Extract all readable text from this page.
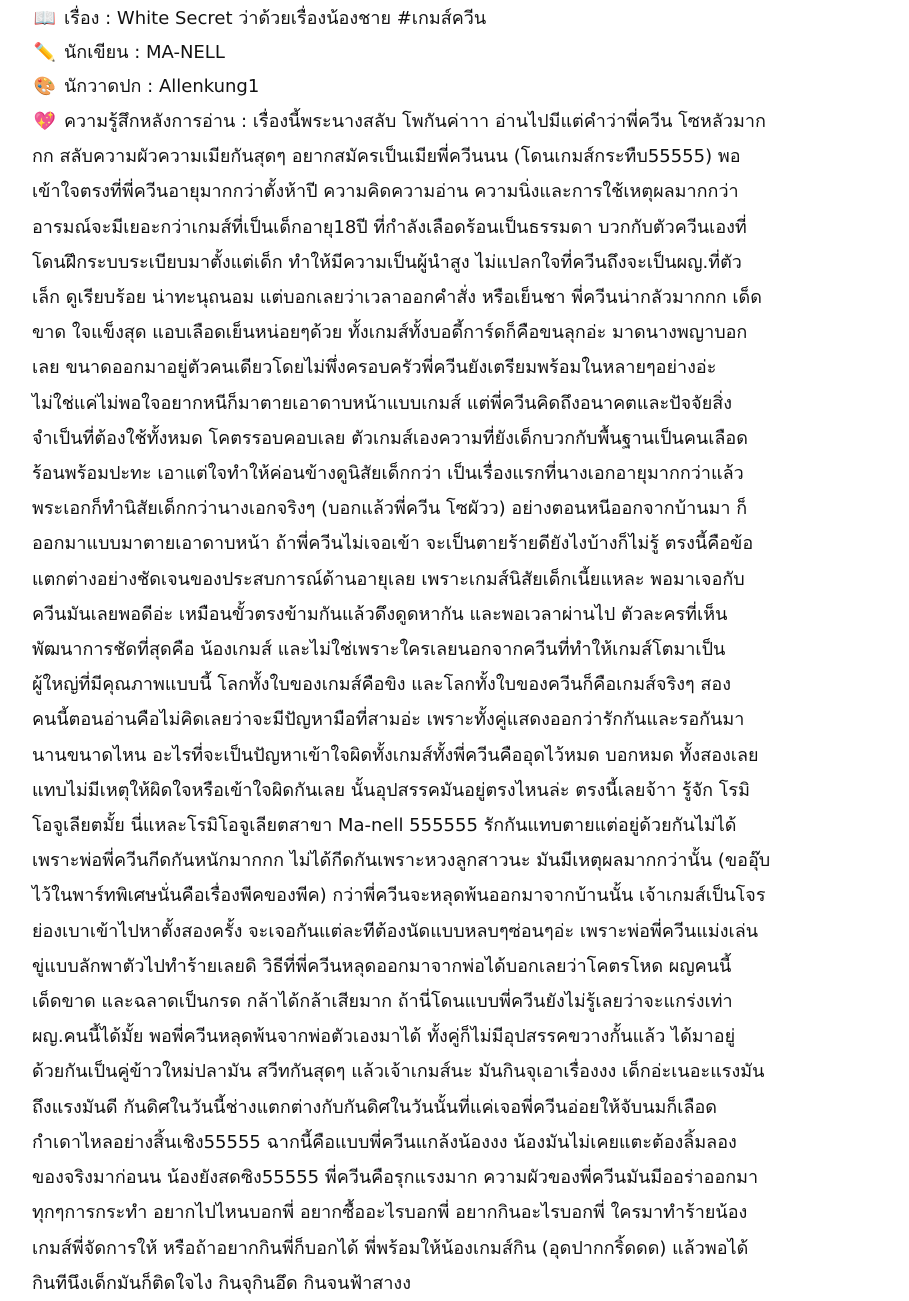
📖 เรื่อง : White Secret ว่าด้วยเรื่องน้องชาย #เกมส์ควีน
✏️ นักเขียน : MA-NELL
🎨 นักวาดปก : Allenkung1
💖 ความรู้สึกหลังการอ่าน : เรื่องนี้พระนางสลับ โพกันค่าาา อ่านไปมีแต่คำว่าพี่ควีน โซหลัวมาก
กก สลับความผัวความเมียกันสุดๆ อยากสมัครเป็นเมียพี่ควีนนน (โดนเกมส์กระทืบ55555) พอ
เข้าใจตรงที่พี่ควีนอายุมากกว่าตั้งห้าปี ความคิดความอ่าน ความนิ่งและการใช้เหตุผลมากกว่า
อารมณ์จะมีเยอะกว่าเกมส์ที่เป็นเด็กอายุ18ปี ที่กำลังเลือดร้อนเป็นธรรมดา บวกกับตัวควีนเองที่
โดนฝึกระบบระเบียบมาตั้งแต่เด็ก ทำให้มีความเป็นผู้นำสูง ไม่แปลกใจที่ควีนถึงจะเป็นผญ.ที่ตัว
เล็ก ดูเรียบร้อย น่าทะนุถนอม แต่บอกเลยว่าเวลาออกคำสั่ง หรือเย็นชา พี่ควีนน่ากลัวมากกก เด็ด
ขาด ใจแข็งสุด แอบเลือดเย็นหน่อยๆด้วย ทั้งเกมส์ทั้งบอดี้การ์ดก็คือขนลุกอ่ะ มาดนางพญาบอก
เลย ขนาดออกมาอยู่ตัวคนเดียวโดยไม่พึ่งครอบครัวพี่ควีนยังเตรียมพร้อมในหลายๆอย่างอ่ะ
ไม่ใช่แค่ไม่พอใจอยากหนีก็มาตายเอาดาบหน้าแบบเกมส์ แต่พี่ควีนคิดถึงอนาคตและปัจจัยสิ่ง
จำเป็นที่ต้องใช้ทั้งหมด โคตรรอบคอบเลย ตัวเกมส์เองความที่ยังเด็กบวกกับพื้นฐานเป็นคนเลือด
ร้อนพร้อมปะทะ เอาแต่ใจทำให้ค่อนข้างดูนิสัยเด็กกว่า เป็นเรื่องแรกที่นางเอกอายุมากกว่าแล้ว
พระเอกก็ทำนิสัยเด็กกว่านางเอกจริงๆ (บอกแล้วพี่ควีน โซผัวว) อย่างตอนหนีออกจากบ้านมา ก็
ออกมาแบบมาตายเอาดาบหน้า ถ้าพี่ควีนไม่เจอเข้า จะเป็นตายร้ายดียังไงบ้างก็ไม่รู้ ตรงนี้คือข้อ
แตกต่างอย่างชัดเจนของประสบการณ์ด้านอายุเลย เพราะเกมส์นิสัยเด็กเนี้ยแหละ พอมาเจอกับ
ควีนมันเลยพอดีอ่ะ เหมือนขั้วตรงข้ามกันแล้วดึงดูดหากัน และพอเวลาผ่านไป ตัวละครที่เห็น
พัฒนาการชัดที่สุดคือ น้องเกมส์ และไม่ใช่เพราะใครเลยนอกจากควีนที่ทำให้เกมส์โตมาเป็น
ผู้ใหญ่ที่มีคุณภาพแบบนี้ โลกทั้งใบของเกมส์คือขิง และโลกทั้งใบของควีนก็คือเกมส์จริงๆ สอง
คนนี้ตอนอ่านคือไม่คิดเลยว่าจะมีปัญหามือที่สามอ่ะ เพราะทั้งคู่แสดงออกว่ารักกันและรอกันมา
นานขนาดไหน อะไรที่จะเป็นปัญหาเข้าใจผิดทั้งเกมส์ทั้งพี่ควีนคืออุดไว้หมด บอกหมด ทั้งสองเลย
แทบไม่มีเหตุให้ผิดใจหรือเข้าใจผิดกันเลย นั้นอุปสรรคมันอยู่ตรงไหนล่ะ ตรงนี้เลยจ้าา รู้จัก โรมิ
โอจูเลียตมั้ย นี่แหละโรมิโอจูเลียตสาขา Ma-nell 555555 รักกันแทบตายแต่อยู่ด้วยกันไม่ได้
เพราะพ่อพี่ควีนกีดกันหนักมากกก ไม่ได้กีดกันเพราะหวงลูกสาวนะ มันมีเหตุผลมากกว่านั้น (ขออุ๊บ
ไว้ในพาร์ทพิเศษนั่นคือเรื่องพีคของพีค) กว่าพี่ควีนจะหลุดพ้นออกมาจากบ้านนั้น เจ้าเกมส์เป็นโจร
ย่องเบาเข้าไปหาตั้งสองครั้ง จะเจอกันแต่ละทีต้องนัดแบบหลบๆซ่อนๆอ่ะ เพราะพ่อพี่ควีนแม่งเล่น
ขู่แบบลักพาตัวไปทำร้ายเลยดิ วิธีที่พี่ควีนหลุดออกมาจากพ่อได้บอกเลยว่าโคตรโหด ผญคนนี้
เด็ดขาด และฉลาดเป็นกรด กล้าได้กล้าเสียมาก ถ้านี่โดนแบบพี่ควีนยังไม่รู้เลยว่าจะแกร่งเท่า
ผญ.คนนี้ได้มั้ย พอพี่ควีนหลุดพ้นจากพ่อตัวเองมาได้ ทั้งคู่ก็ไม่มีอุปสรรคขวางกั้นแล้ว ได้มาอยู่
ด้วยกันเป็นคู่ข้าวใหม่ปลามัน สวีทกันสุดๆ แล้วเจ้าเกมส์นะ มันกินจุเอาเรื่องงง เด็กอ่ะเนอะแรงมัน
ถึงแรงมันดี กันดิศในวันนี้ช่างแตกต่างกับกันดิศในวันนั้นที่แค่เจอพี่ควีนอ่อยให้จับนมก็เลือด
กำเดาไหลอย่างสิ้นเชิง55555 ฉากนี้คือแบบพี่ควีนแกล้งน้องงง น้องมันไม่เคยแตะต้องลิ้มลอง
ของจริงมาก่อนน น้องยังสดซิง55555 พี่ควีนคือรุกแรงมาก ความผัวของพี่ควีนมันมีออร่าออกมา
ทุกๆการกระทำ อยากไปไหนบอกพี่ อยากซื้ออะไรบอกพี่ อยากกินอะไรบอกพี่ ใครมาทำร้ายน้อง
เกมส์พี่จัดการให้ หรือถ้าอยากกินพี่ก็บอกได้ พี่พร้อมให้น้องเกมส์กิน (อุดปากกริ้ดดด) แล้วพอได้
กินทีนึงเด็กมันก็ติดใจไง กินจุกินอึด กินจนฟ้าสางง
